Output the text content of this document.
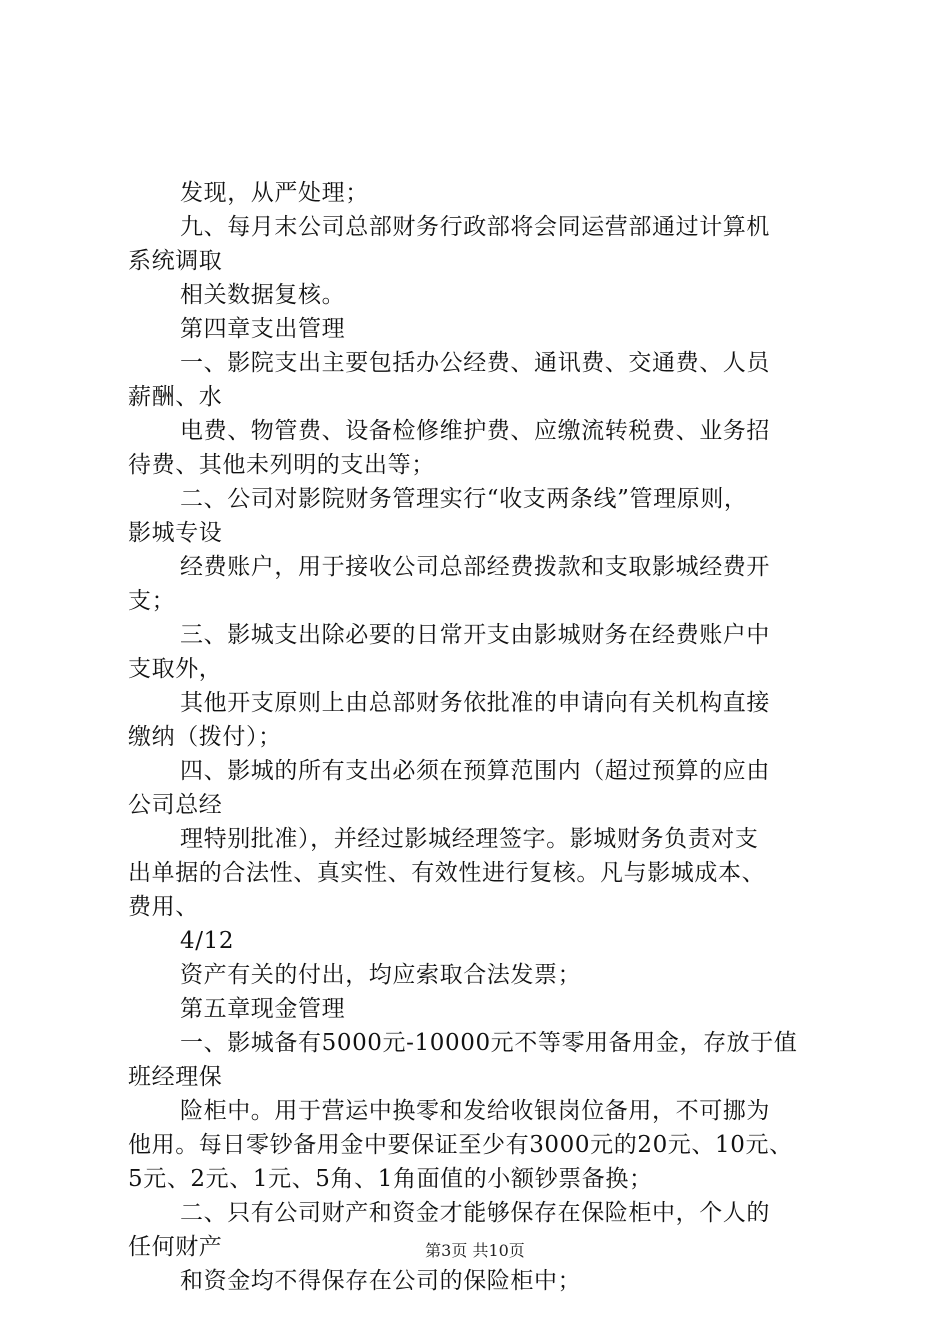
发现，从严处理；
九、每月末公司总部财务行政部将会同运营部通过计算机
系统调取
相关数据复核。
第四章支出管理
一、影院支出主要包括办公经费、通讯费、交通费、人员
薪酬、水
电费、物管费、设备检修维护费、应缴流转税费、业务招
待费、其他未列明的支出等；
二、公司对影院财务管理实行“收支两条线”管理原则，
影城专设
经费账户，用于接收公司总部经费拨款和支取影城经费开
支；
三、影城支出除必要的日常开支由影城财务在经费账户中
支取外，
其他开支原则上由总部财务依批准的申请向有关机构直接
缴纳（拨付）；
四、影城的所有支出必须在预算范围内（超过预算的应由
公司总经
理特别批准），并经过影城经理签字。影城财务负责对支
出单据的合法性、真实性、有效性进行复核。凡与影城成本、
费用、
4/12
资产有关的付出，均应索取合法发票；
第五章现金管理
一、影城备有5000元-10000元不等零用备用金，存放于值
班经理保
险柜中。用于营运中换零和发给收银岗位备用，不可挪为
他用。每日零钞备用金中要保证至少有3000元的20元、10元、
5元、2元、1元、5角、1角面值的小额钞票备换；
二、只有公司财产和资金才能够保存在保险柜中，个人的
任何财产
和资金均不得保存在公司的保险柜中；
第3页 共10页
